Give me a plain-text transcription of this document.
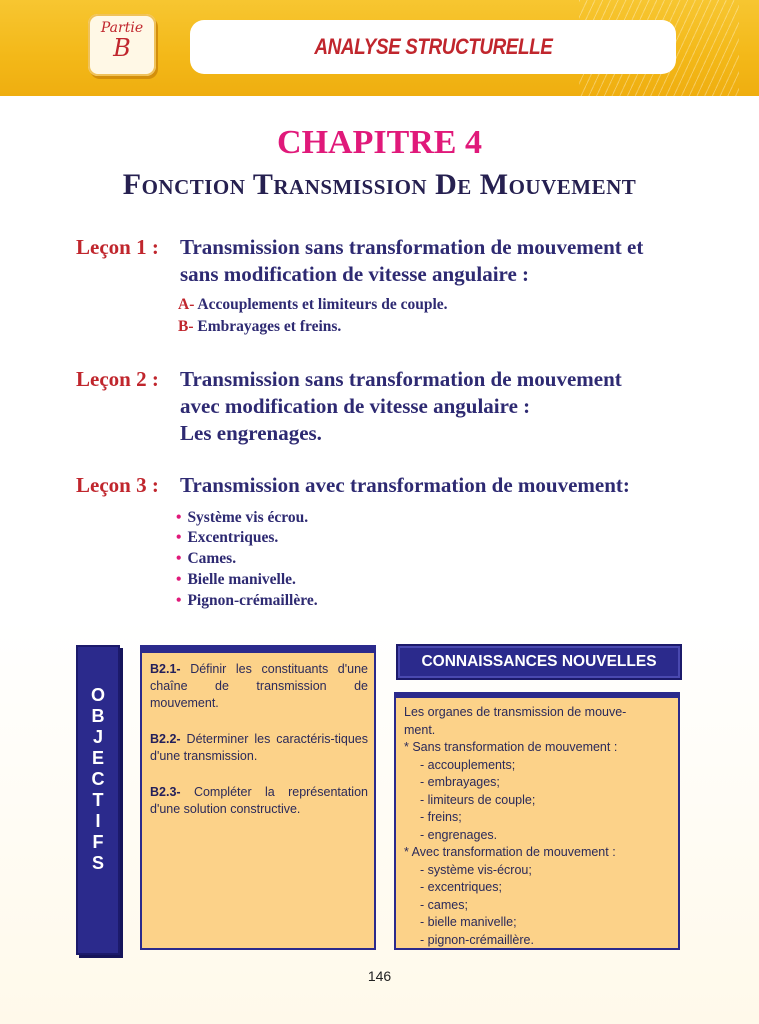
Partie
B	ANALYSE STRUCTURELLE
CHAPITRE 4
Fonction Transmission De Mouvement
Leçon 1 : Transmission sans transformation de mouvement et
sans modification de vitesse angulaire :
A- Accouplements et limiteurs de couple.
B- Embrayages et freins.
Leçon 2 : Transmission sans transformation de mouvement
avec modification de vitesse angulaire :
Les engrenages.
Leçon 3 : Transmission avec transformation de mouvement:
• Système vis écrou.
• Excentriques.
• Cames.
• Bielle manivelle.
• Pignon-crémaillère.
O
B
J
E
C
T
I
F
S
B2.1- Définir les constituants d'une chaîne de transmission de mouvement.
B2.2- Déterminer les caractéris-tiques d'une transmission.
B2.3- Compléter la représentation d'une solution constructive.
CONNAISSANCES NOUVELLES
Les organes de transmission de mouve-
ment.
* Sans transformation de mouvement :
- accouplements;
- embrayages;
- limiteurs de couple;
- freins;
- engrenages.
* Avec transformation de mouvement :
- système vis-écrou;
- excentriques;
- cames;
- bielle manivelle;
- pignon-crémaillère.
146
